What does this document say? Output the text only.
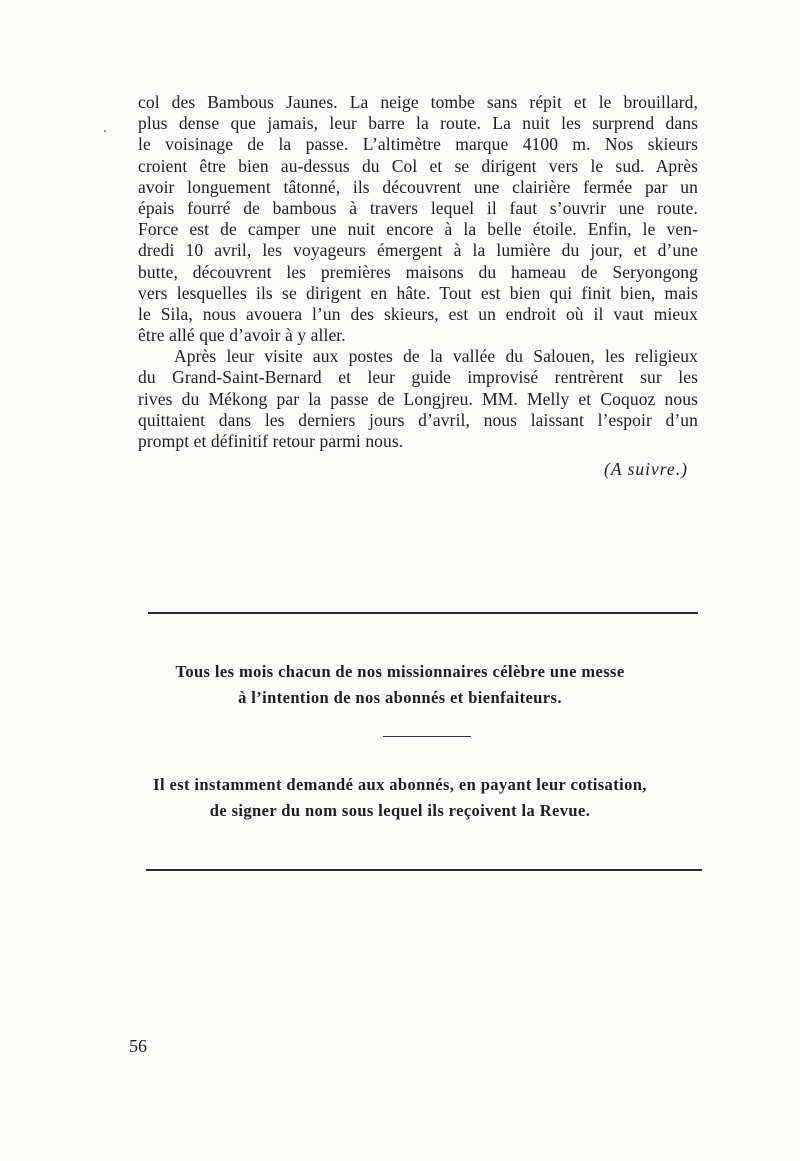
col des Bambous Jaunes. La neige tombe sans répit et le brouillard,
plus dense que jamais, leur barre la route. La nuit les surprend dans
le voisinage de la passe. L’altimètre marque 4100 m. Nos skieurs
croient être bien au-dessus du Col et se dirigent vers le sud. Après
avoir longuement tâtonné, ils découvrent une clairière fermée par un
épais fourré de bambous à travers lequel il faut s’ouvrir une route.
Force est de camper une nuit encore à la belle étoile. Enfin, le ven-
dredi 10 avril, les voyageurs émergent à la lumière du jour, et d’une
butte, découvrent les premières maisons du hameau de Seryongong
vers lesquelles ils se dirigent en hâte. Tout est bien qui finit bien, mais
le Sila, nous avouera l’un des skieurs, est un endroit où il vaut mieux
être allé que d’avoir à y aller.
Après leur visite aux postes de la vallée du Salouen, les religieux
du Grand-Saint-Bernard et leur guide improvisé rentrèrent sur les
rives du Mékong par la passe de Longjreu. MM. Melly et Coquoz nous
quittaient dans les derniers jours d’avril, nous laissant l’espoir d’un
prompt et définitif retour parmi nous.
(A suivre.)
Tous les mois chacun de nos missionnaires célèbre une messe
à l’intention de nos abonnés et bienfaiteurs.
Il est instamment demandé aux abonnés, en payant leur cotisation,
de signer du nom sous lequel ils reçoivent la Revue.
56
